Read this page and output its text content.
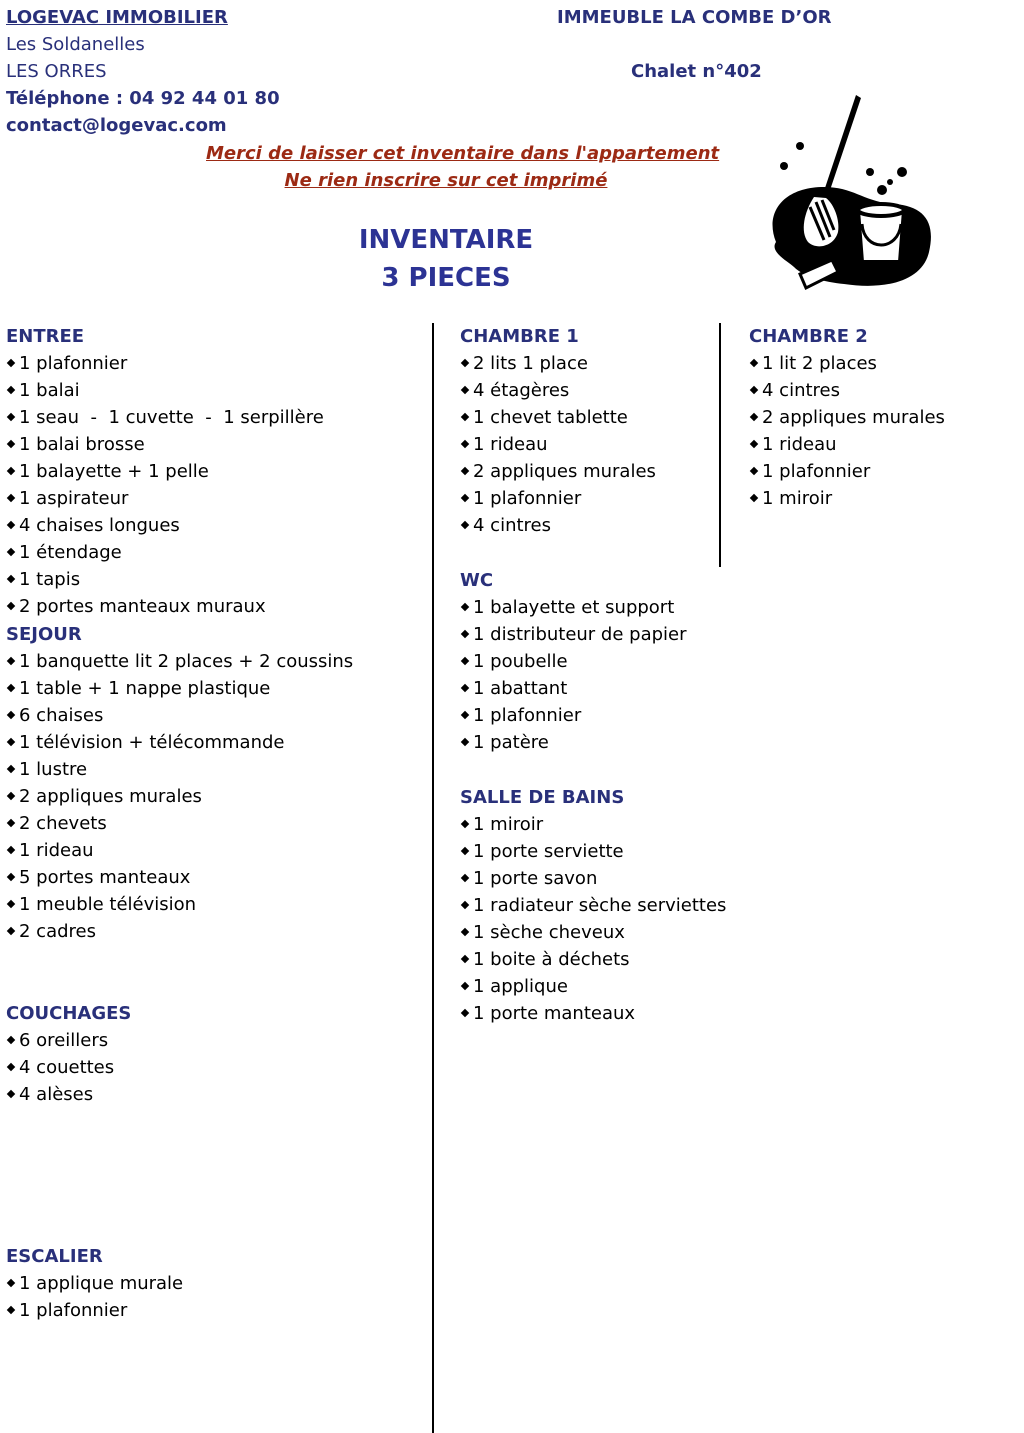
LOGEVAC IMMOBILIER
Les Soldanelles
LES ORRES
Téléphone : 04 92 44 01 80
contact@logevac.com
IMMEUBLE LA COMBE D’OR
Chalet n°402
Merci de laisser cet inventaire dans l'appartement
Ne rien inscrire sur cet imprimé
INVENTAIRE
3 PIECES
ENTREE
1 plafonnier
1 balai
1 seau  -  1 cuvette  -  1 serpillère
1 balai brosse
1 balayette + 1 pelle
1 aspirateur
4 chaises longues
1 étendage
1 tapis
2 portes manteaux muraux
SEJOUR
1 banquette lit 2 places + 2 coussins
1 table + 1 nappe plastique
6 chaises
1 télévision + télécommande
1 lustre
2 appliques murales
2 chevets
1 rideau
5 portes manteaux
1 meuble télévision
2 cadres
COUCHAGES
6 oreillers
4 couettes
4 alèses
ESCALIER
1 applique murale
1 plafonnier
CHAMBRE 1
2 lits 1 place
4 étagères
1 chevet tablette
1 rideau
2 appliques murales
1 plafonnier
4 cintres
WC
1 balayette et support
1 distributeur de papier
1 poubelle
1 abattant
1 plafonnier
1 patère
SALLE DE BAINS
1 miroir
1 porte serviette
1 porte savon
1 radiateur sèche serviettes
1 sèche cheveux
1 boite à déchets
1 applique
1 porte manteaux
CHAMBRE 2
1 lit 2 places
4 cintres
2 appliques murales
1 rideau
1 plafonnier
1 miroir
